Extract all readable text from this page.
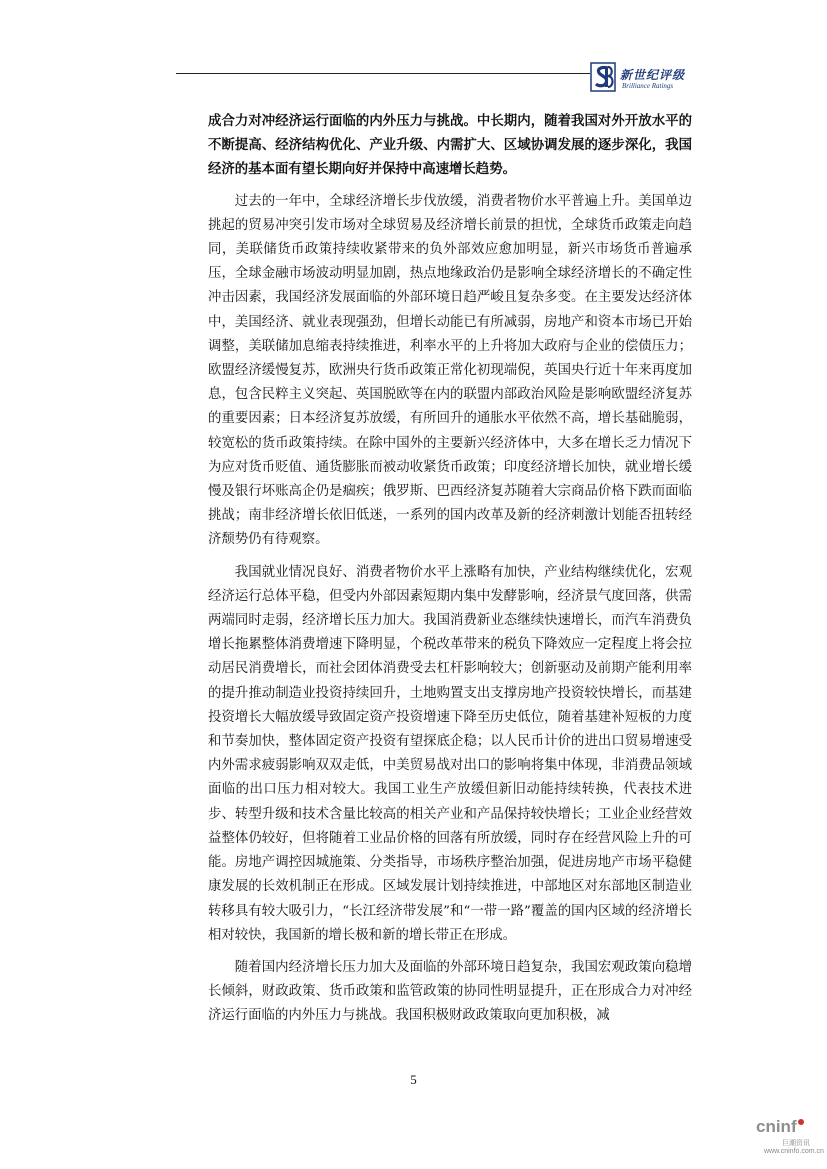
新世纪评级
Brilliance Ratings

成合力对冲经济运行面临的内外压力与挑战。中长期内，随着我国对外开放水平的不断提高、经济结构优化、产业升级、内需扩大、区域协调发展的逐步深化，我国经济的基本面有望长期向好并保持中高速增长趋势。

过去的一年中，全球经济增长步伐放缓，消费者物价水平普遍上升。美国单边挑起的贸易冲突引发市场对全球贸易及经济增长前景的担忧，全球货币政策走向趋同，美联储货币政策持续收紧带来的负外部效应愈加明显，新兴市场货币普遍承压，全球金融市场波动明显加剧，热点地缘政治仍是影响全球经济增长的不确定性冲击因素，我国经济发展面临的外部环境日趋严峻且复杂多变。在主要发达经济体中，美国经济、就业表现强劲，但增长动能已有所减弱，房地产和资本市场已开始调整，美联储加息缩表持续推进，利率水平的上升将加大政府与企业的偿债压力；欧盟经济缓慢复苏，欧洲央行货币政策正常化初现端倪，英国央行近十年来再度加息，包含民粹主义突起、英国脱欧等在内的联盟内部政治风险是影响欧盟经济复苏的重要因素；日本经济复苏放缓，有所回升的通胀水平依然不高，增长基础脆弱，较宽松的货币政策持续。在除中国外的主要新兴经济体中，大多在增长乏力情况下为应对货币贬值、通货膨胀而被动收紧货币政策；印度经济增长加快，就业增长缓慢及银行坏账高企仍是痼疾；俄罗斯、巴西经济复苏随着大宗商品价格下跌而面临挑战；南非经济增长依旧低迷，一系列的国内改革及新的经济刺激计划能否扭转经济颓势仍有待观察。

我国就业情况良好、消费者物价水平上涨略有加快，产业结构继续优化，宏观经济运行总体平稳，但受内外部因素短期内集中发酵影响，经济景气度回落，供需两端同时走弱，经济增长压力加大。我国消费新业态继续快速增长，而汽车消费负增长拖累整体消费增速下降明显，个税改革带来的税负下降效应一定程度上将会拉动居民消费增长，而社会团体消费受去杠杆影响较大；创新驱动及前期产能利用率的提升推动制造业投资持续回升，土地购置支出支撑房地产投资较快增长，而基建投资增长大幅放缓导致固定资产投资增速下降至历史低位，随着基建补短板的力度和节奏加快，整体固定资产投资有望探底企稳；以人民币计价的进出口贸易增速受内外需求疲弱影响双双走低，中美贸易战对出口的影响将集中体现，非消费品领域面临的出口压力相对较大。我国工业生产放缓但新旧动能持续转换，代表技术进步、转型升级和技术含量比较高的相关产业和产品保持较快增长；工业企业经营效益整体仍较好，但将随着工业品价格的回落有所放缓，同时存在经营风险上升的可能。房地产调控因城施策、分类指导，市场秩序整治加强，促进房地产市场平稳健康发展的长效机制正在形成。区域发展计划持续推进，中部地区对东部地区制造业转移具有较大吸引力，“长江经济带发展”和“一带一路”覆盖的国内区域的经济增长相对较快，我国新的增长极和新的增长带正在形成。

随着国内经济增长压力加大及面临的外部环境日趋复杂，我国宏观政策向稳增长倾斜，财政政策、货币政策和监管政策的协同性明显提升，正在形成合力对冲经济运行面临的内外压力与挑战。我国积极财政政策取向更加积极，减

5
cninf
巨潮资讯
www.cninfo.com.cn
